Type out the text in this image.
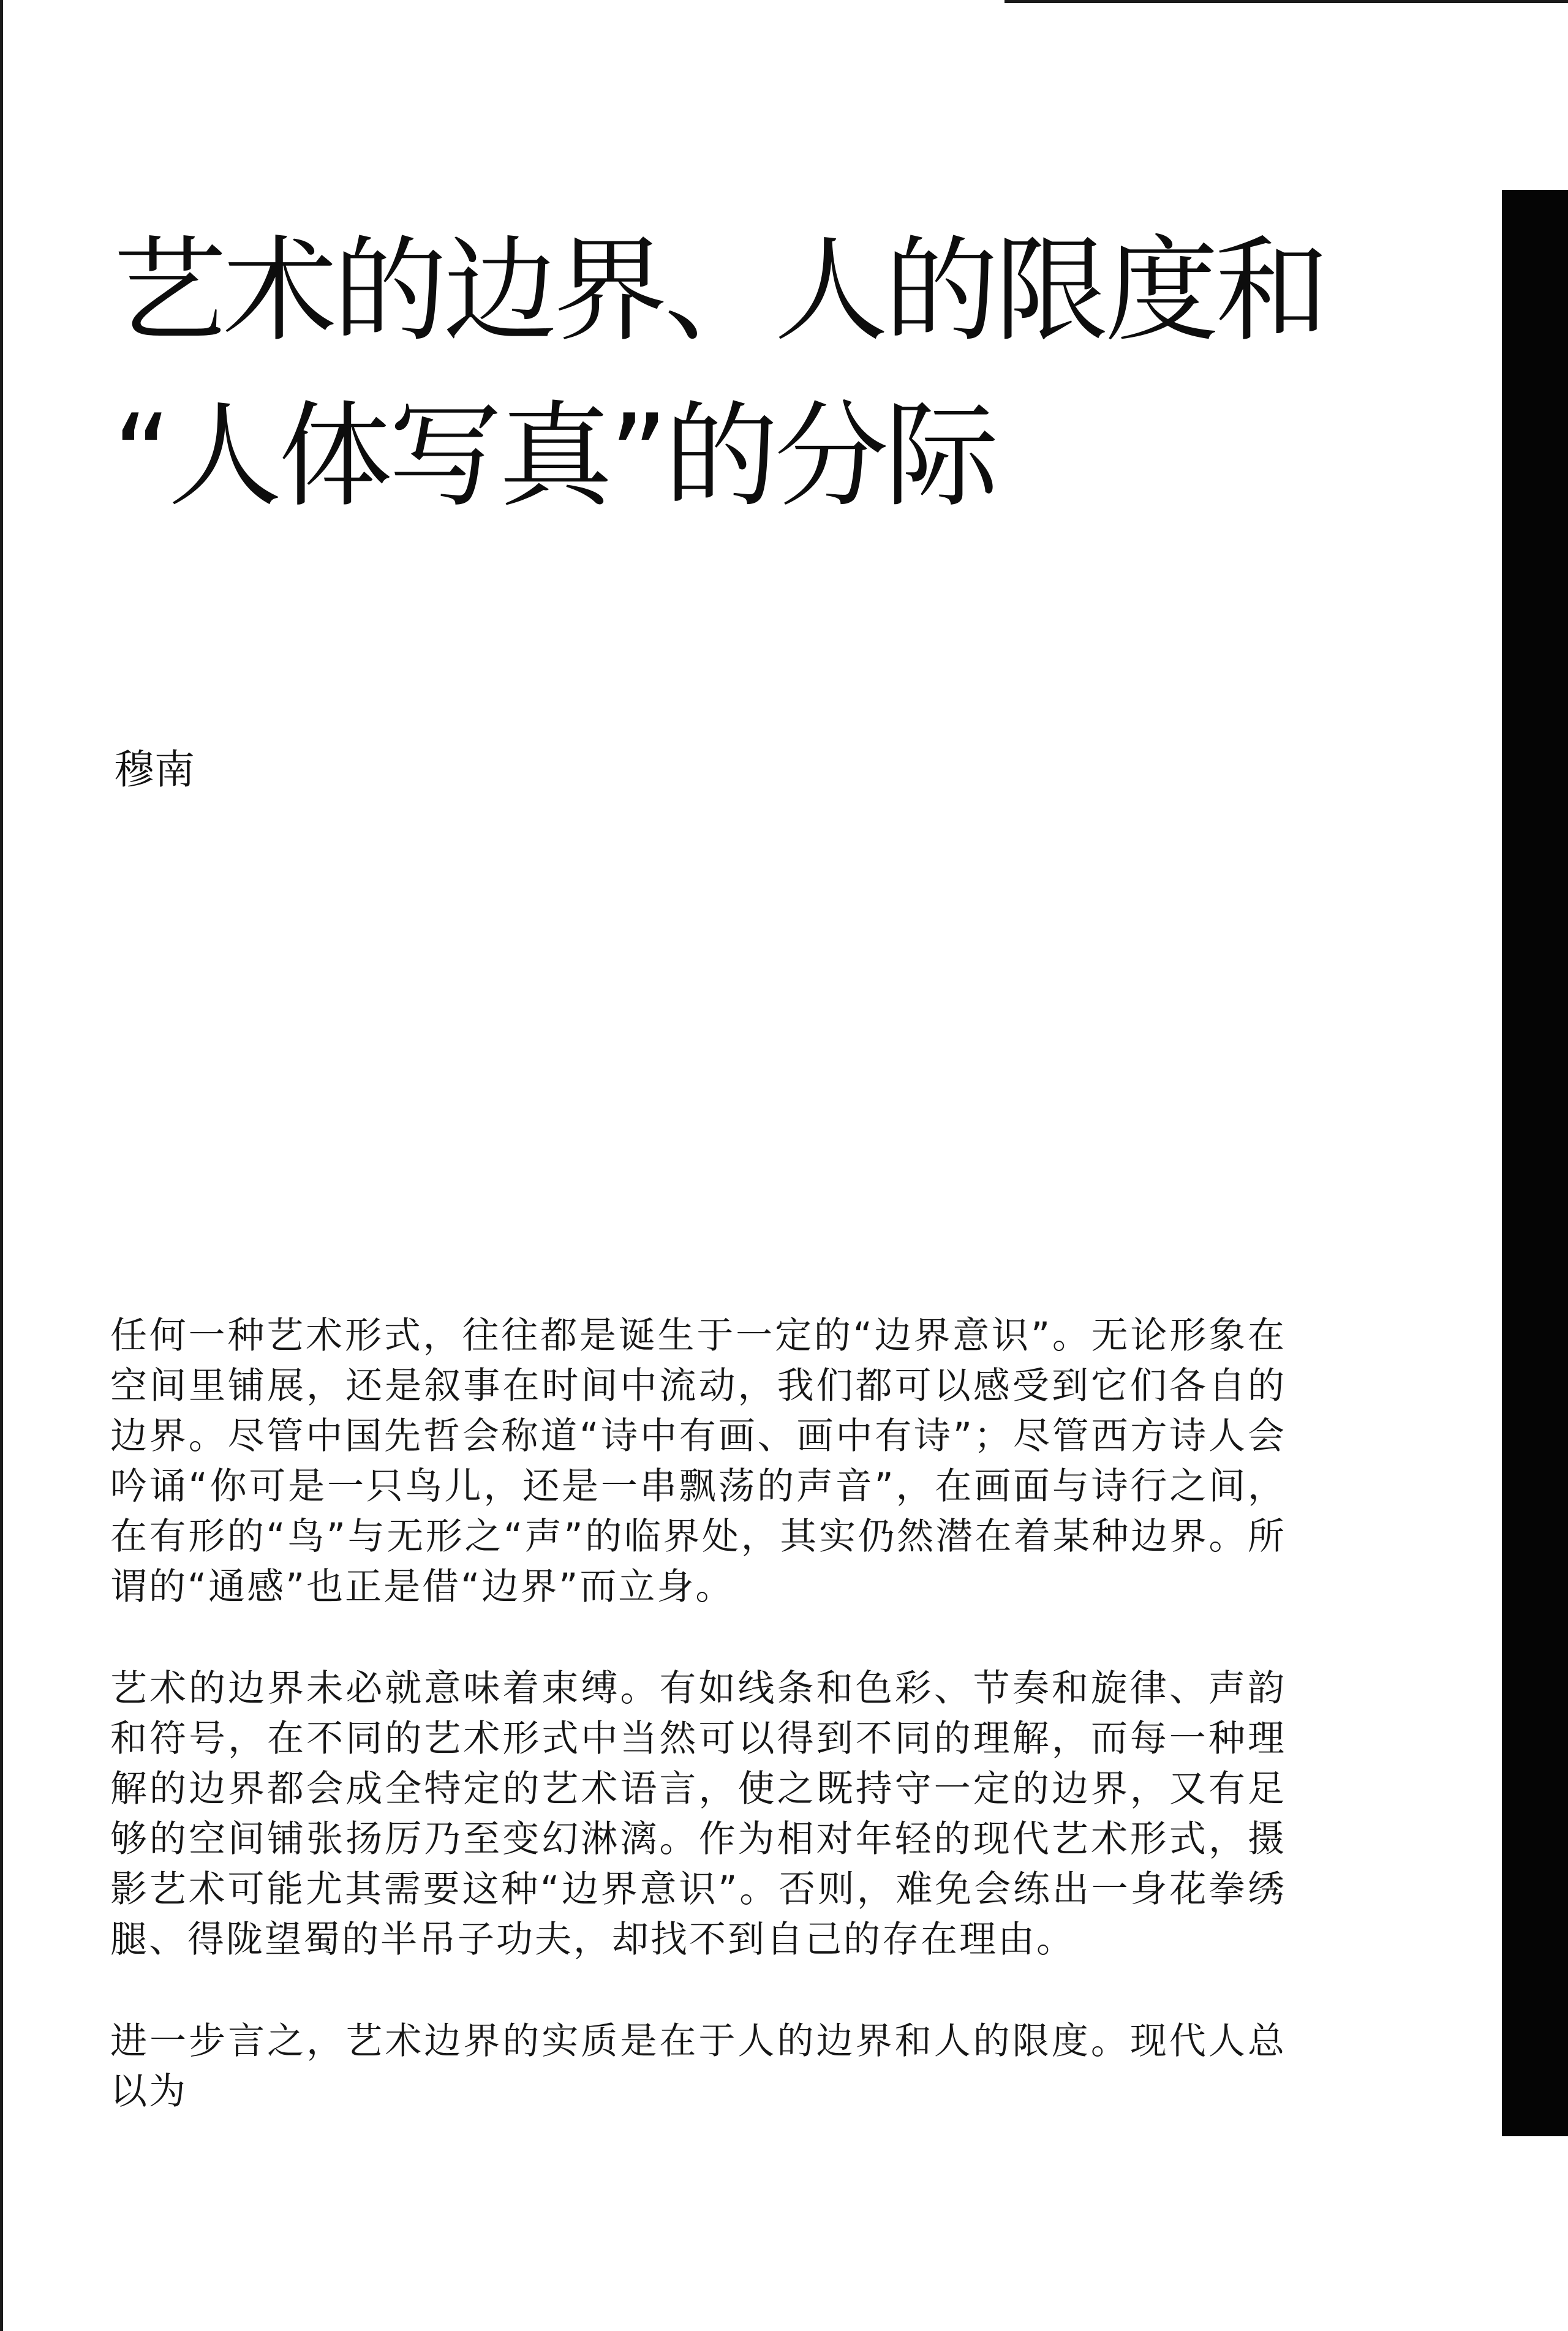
艺术的边界、人的限度和
“人体写真”的分际
穆南

任何一种艺术形式，往往都是诞生于一定的“边界意识”。无论形象在空间里铺展，还是叙事在时间中流动，我们都可以感受到它们各自的边界。尽管中国先哲会称道“诗中有画、画中有诗”；尽管西方诗人会吟诵“你可是一只鸟儿，还是一串飘荡的声音”，在画面与诗行之间，在有形的“鸟”与无形之“声”的临界处，其实仍然潜在着某种边界。所谓的“通感”也正是借“边界”而立身。

艺术的边界未必就意味着束缚。有如线条和色彩、节奏和旋律、声韵和符号，在不同的艺术形式中当然可以得到不同的理解，而每一种理解的边界都会成全特定的艺术语言，使之既持守一定的边界，又有足够的空间铺张扬厉乃至变幻淋漓。作为相对年轻的现代艺术形式，摄影艺术可能尤其需要这种“边界意识”。否则，难免会练出一身花拳绣腿、得陇望蜀的半吊子功夫，却找不到自己的存在理由。

进一步言之，艺术边界的实质是在于人的边界和人的限度。现代人总以为
